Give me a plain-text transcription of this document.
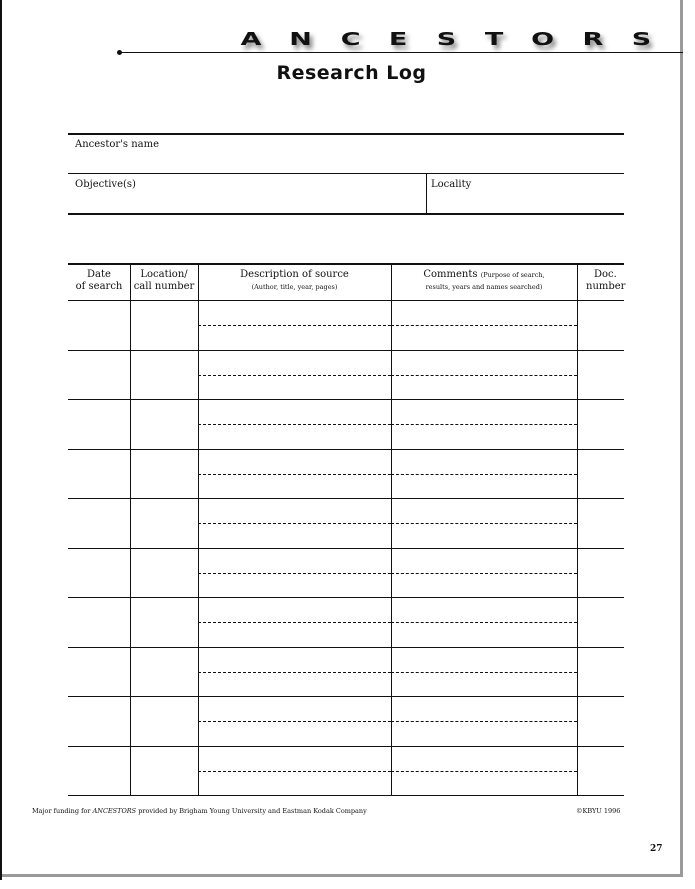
A N C E S T O R S
Research Log
Ancestor's name
Objective(s)	Locality
Date
of search
Location/
call number
Description of source
(Author, title, year, pages)
Comments (Purpose of search,
results, years and names searched)
Doc.
number
Major funding for ANCESTORS provided by Brigham Young University and Eastman Kodak Company	©KBYU 1996
27
